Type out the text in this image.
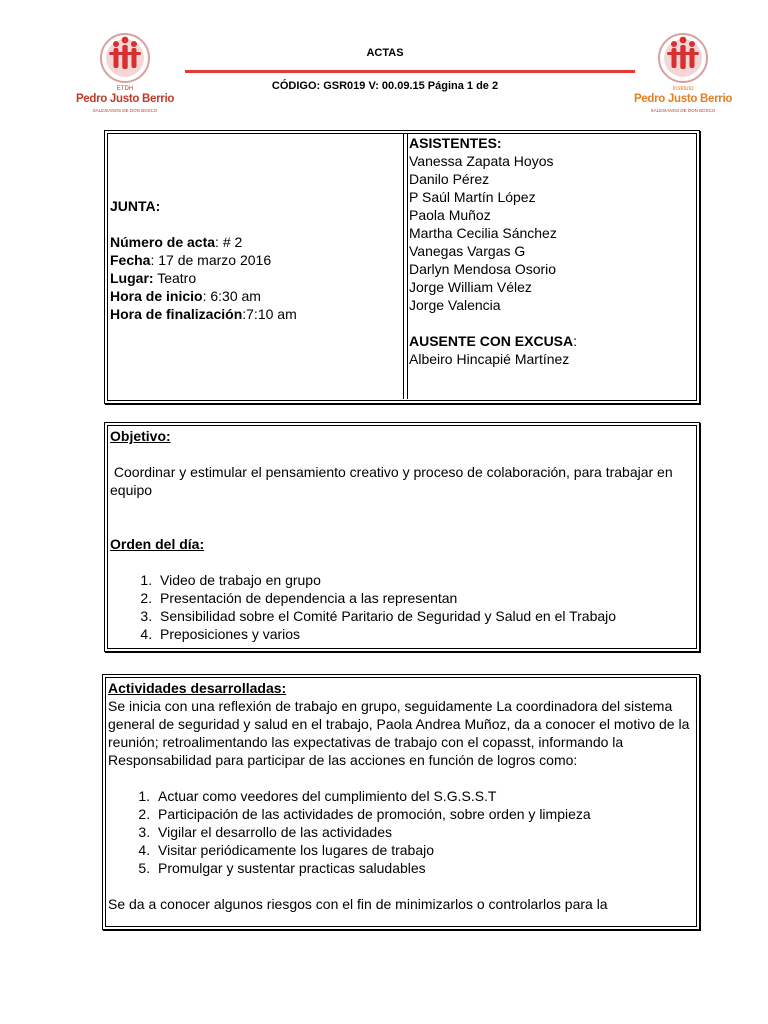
ETDH
Pedro Justo Berrio
SALESIANOS DE DON BOSCO
ACTAS
CÓDIGO: GSR019 V: 00.09.15 Página 1 de 2	Instituto
Pedro Justo Berrio
SALESIANOS DE DON BOSCO
JUNTA:
Número de acta: # 2
Fecha: 17 de marzo 2016
Lugar: Teatro
Hora de inicio: 6:30 am
Hora de finalización:7:10 am
ASISTENTES:
Vanessa Zapata Hoyos
Danilo Pérez
P Saúl Martín López
Paola Muñoz
Martha Cecilia Sánchez
Vanegas Vargas G
Darlyn Mendosa Osorio
Jorge William Vélez
Jorge Valencia
AUSENTE CON EXCUSA:
Albeiro Hincapié Martínez
Objetivo:
Coordinar y estimular el pensamiento creativo y proceso de colaboración, para trabajar en equipo
Orden del día:
1. Video de trabajo en grupo
2. Presentación de dependencia a las representan
3. Sensibilidad sobre el Comité Paritario de Seguridad y Salud en el Trabajo
4. Preposiciones y varios
Actividades desarrolladas:
Se inicia con una reflexión de trabajo en grupo, seguidamente La coordinadora del sistema general de seguridad y salud en el trabajo, Paola Andrea Muñoz, da a conocer el motivo de la reunión; retroalimentando las expectativas de trabajo con el copasst, informando la Responsabilidad para participar de las acciones en función de logros como:
1. Actuar como veedores del cumplimiento del S.G.S.S.T
2. Participación de las actividades de promoción, sobre orden y limpieza
3. Vigilar el desarrollo de las actividades
4. Visitar periódicamente los lugares de trabajo
5. Promulgar y sustentar practicas saludables
Se da a conocer algunos riesgos con el fin de minimizarlos o controlarlos para la
